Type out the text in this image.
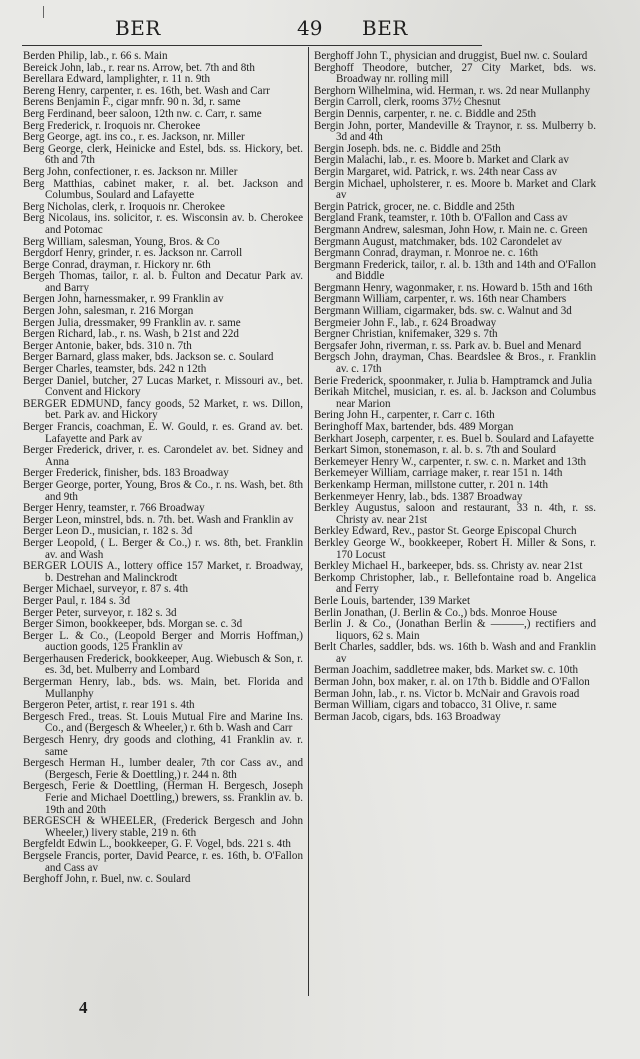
BER	49 BER

Berden Philip, lab., r. 66 s. Main

Bereick John, lab., r. rear ns. Arrow, bet. 7th and 8th

Berellara Edward, lamplighter, r. 11 n. 9th

Bereng Henry, carpenter, r. es. 16th, bet. Wash and Carr

Berens Benjamin F., cigar mnfr. 90 n. 3d, r. same

Berg Ferdinand, beer saloon, 12th nw. c. Carr, r. same

Berg Frederick, r. Iroquois nr. Cherokee

Berg George, agt. ins co., r. es. Jackson, nr. Miller

Berg George, clerk, Heinicke and Estel, bds. ss. Hickory, bet. 6th and 7th

Berg John, confectioner, r. es. Jackson nr. Miller

Berg Matthias, cabinet maker, r. al. bet. Jackson and Columbus, Soulard and Lafayette

Berg Nicholas, clerk, r. Iroquois nr. Cherokee

Berg Nicolaus, ins. solicitor, r. es. Wisconsin av. b. Cherokee and Potomac

Berg William, salesman, Young, Bros. & Co

Bergdorf Henry, grinder, r. es. Jackson nr. Carroll

Berge Conrad, drayman, r. Hickory nr. 6th

Bergeh Thomas, tailor, r. al. b. Fulton and Decatur Park av. and Barry

Bergen John, harnessmaker, r. 99 Franklin av

Bergen John, salesman, r. 216 Morgan

Bergen Julia, dressmaker, 99 Franklin av. r. same

Bergen Richard, lab., r. ns. Wash, b 21st and 22d

Berger Antonie, baker, bds. 310 n. 7th

Berger Barnard, glass maker, bds. Jackson se. c. Soulard

Berger Charles, teamster, bds. 242 n 12th

Berger Daniel, butcher, 27 Lucas Market, r. Missouri av., bet. Convent and Hickory

BERGER EDMUND, fancy goods, 52 Market, r. ws. Dillon, bet. Park av. and Hickory

Berger Francis, coachman, E. W. Gould, r. es. Grand av. bet. Lafayette and Park av

Berger Frederick, driver, r. es. Carondelet av. bet. Sidney and Anna

Berger Frederick, finisher, bds. 183 Broadway

Berger George, porter, Young, Bros & Co., r. ns. Wash, bet. 8th and 9th

Berger Henry, teamster, r. 766 Broadway

Berger Leon, minstrel, bds. n. 7th. bet. Wash and Franklin av

Berger Leon D., musician, r. 182 s. 3d

Berger Leopold, ( L. Berger & Co.,) r. ws. 8th, bet. Franklin av. and Wash

BERGER LOUIS A., lottery office 157 Market, r. Broadway, b. Destrehan and Malinckrodt

Berger Michael, surveyor, r. 87 s. 4th

Berger Paul, r. 184 s. 3d

Berger Peter, surveyor, r. 182 s. 3d

Berger Simon, bookkeeper, bds. Morgan se. c. 3d

Berger L. & Co., (Leopold Berger and Morris Hoffman,) auction goods, 125 Franklin av

Bergerhausen Frederick, bookkeeper, Aug. Wiebusch & Son, r. es. 3d, bet. Mulberry and Lombard

Bergerman Henry, lab., bds. ws. Main, bet. Florida and Mullanphy

Bergeron Peter, artist, r. rear 191 s. 4th

Bergesch Fred., treas. St. Louis Mutual Fire and Marine Ins. Co., and (Bergesch & Wheeler,) r. 6th b. Wash and Carr

Bergesch Henry, dry goods and clothing, 41 Franklin av. r. same

Bergesch Herman H., lumber dealer, 7th cor Cass av., and (Bergesch, Ferie & Doettling,) r. 244 n. 8th

Bergesch, Ferie & Doettling, (Herman H. Bergesch, Joseph Ferie and Michael Doettling,) brewers, ss. Franklin av. b. 19th and 20th

BERGESCH & WHEELER, (Frederick Bergesch and John Wheeler,) livery stable, 219 n. 6th

Bergfeldt Edwin L., bookkeeper, G. F. Vogel, bds. 221 s. 4th

Bergsele Francis, porter, David Pearce, r. es. 16th, b. O'Fallon and Cass av

Berghoff John, r. Buel, nw. c. Soulard

Berghoff John T., physician and druggist, Buel nw. c. Soulard

Berghoff Theodore, butcher, 27 City Market, bds. ws. Broadway nr. rolling mill

Berghorn Wilhelmina, wid. Herman, r. ws. 2d near Mullanphy

Bergin Carroll, clerk, rooms 37½ Chesnut

Bergin Dennis, carpenter, r. ne. c. Biddle and 25th

Bergin John, porter, Mandeville & Traynor, r. ss. Mulberry b. 3d and 4th

Bergin Joseph. bds. ne. c. Biddle and 25th

Bergin Malachi, lab., r. es. Moore b. Market and Clark av

Bergin Margaret, wid. Patrick, r. ws. 24th near Cass av

Bergin Michael, upholsterer, r. es. Moore b. Market and Clark av

Bergin Patrick, grocer, ne. c. Biddle and 25th

Bergland Frank, teamster, r. 10th b. O'Fallon and Cass av

Bergmann Andrew, salesman, John How, r. Main ne. c. Green

Bergmann August, matchmaker, bds. 102 Carondelet av

Bergmann Conrad, drayman, r. Monroe ne. c. 16th

Bergmann Frederick, tailor, r. al. b. 13th and 14th and O'Fallon and Biddle

Bergmann Henry, wagonmaker, r. ns. Howard b. 15th and 16th

Bergmann William, carpenter, r. ws. 16th near Chambers

Bergmann William, cigarmaker, bds. sw. c. Walnut and 3d

Bergmeier John F., lab., r. 624 Broadway

Bergner Christian, knifemaker, 329 s. 7th

Bergsafer John, riverman, r. ss. Park av. b. Buel and Menard

Bergsch John, drayman, Chas. Beardslee & Bros., r. Franklin av. c. 17th

Berie Frederick, spoonmaker, r. Julia b. Hamptramck and Julia

Berikah Mitchel, musician, r. es. al. b. Jackson and Columbus near Marion

Bering John H., carpenter, r. Carr c. 16th

Beringhoff Max, bartender, bds. 489 Morgan

Berkhart Joseph, carpenter, r. es. Buel b. Soulard and Lafayette

Berkart Simon, stonemason, r. al. b. s. 7th and Soulard

Berkemeyer Henry W., carpenter, r. sw. c. n. Market and 13th

Berkemeyer William, carriage maker, r. rear 151 n. 14th

Berkenkamp Herman, millstone cutter, r. 201 n. 14th

Berkenmeyer Henry, lab., bds. 1387 Broadway

Berkley Augustus, saloon and restaurant, 33 n. 4th, r. ss. Christy av. near 21st

Berkley Edward, Rev., pastor St. George Episcopal Church

Berkley George W., bookkeeper, Robert H. Miller & Sons, r. 170 Locust

Berkley Michael H., barkeeper, bds. ss. Christy av. near 21st

Berkomp Christopher, lab., r. Bellefontaine road b. Angelica and Ferry

Berle Louis, bartender, 139 Market

Berlin Jonathan, (J. Berlin & Co.,) bds. Monroe House

Berlin J. & Co., (Jonathan Berlin & ———,) rectifiers and liquors, 62 s. Main

Berlt Charles, saddler, bds. ws. 16th b. Wash and and Franklin av

Berman Joachim, saddletree maker, bds. Market sw. c. 10th

Berman John, box maker, r. al. on 17th b. Biddle and O'Fallon

Berman John, lab., r. ns. Victor b. McNair and Gravois road

Berman William, cigars and tobacco, 31 Olive, r. same

Berman Jacob, cigars, bds. 163 Broadway

4
